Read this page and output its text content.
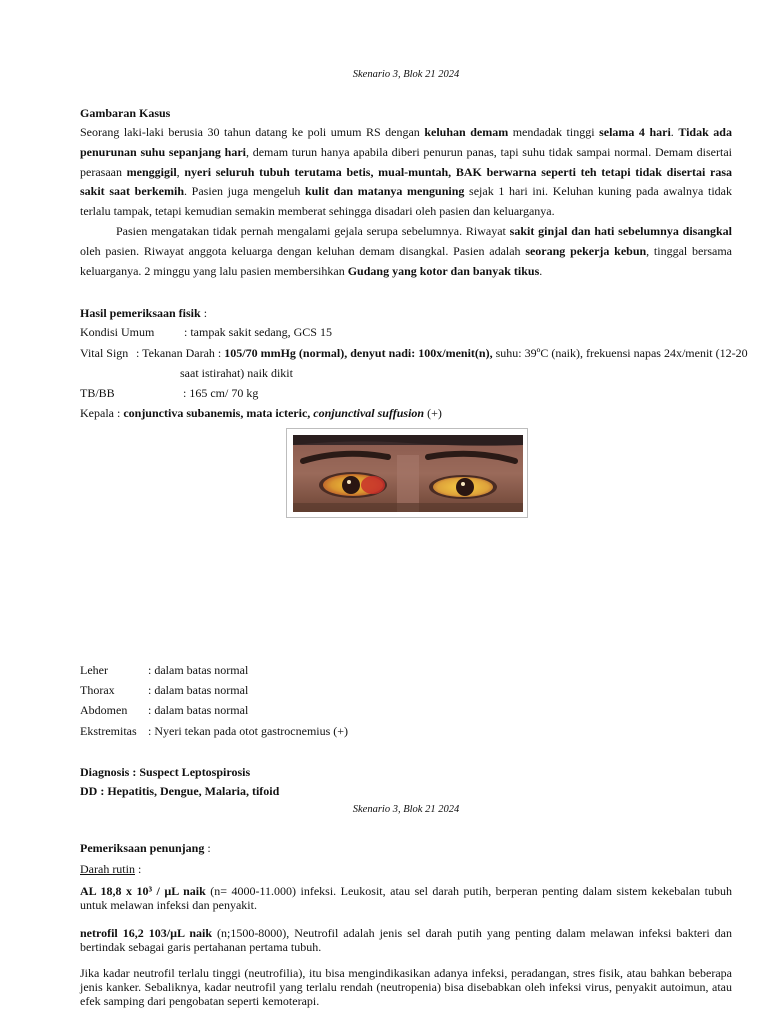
Skenario 3, Blok 21 2024
Gambaran Kasus
Seorang laki-laki berusia 30 tahun datang ke poli umum RS dengan keluhan demam mendadak tinggi selama 4 hari. Tidak ada penurunan suhu sepanjang hari, demam turun hanya apabila diberi penurun panas, tapi suhu tidak sampai normal. Demam disertai perasaan menggigil, nyeri seluruh tubuh terutama betis, mual-muntah, BAK berwarna seperti teh tetapi tidak disertai rasa sakit saat berkemih. Pasien juga mengeluh kulit dan matanya menguning sejak 1 hari ini. Keluhan kuning pada awalnya tidak terlalu tampak, tetapi kemudian semakin memberat sehingga disadari oleh pasien dan keluarganya.
Pasien mengatakan tidak pernah mengalami gejala serupa sebelumnya. Riwayat sakit ginjal dan hati sebelumnya disangkal oleh pasien. Riwayat anggota keluarga dengan keluhan demam disangkal. Pasien adalah seorang pekerja kebun, tinggal bersama keluarganya. 2 minggu yang lalu pasien membersihkan Gudang yang kotor dan banyak tikus.
Hasil pemeriksaan fisik :
Kondisi Umum : tampak sakit sedang, GCS 15
Vital Sign : Tekanan Darah : 105/70 mmHg (normal), denyut nadi: 100x/menit(n), suhu: 39ºC (naik), frekuensi napas 24x/menit (12-20
saat istirahat) naik dikit
TB/BB	: 165 cm/ 70 kg
Kepala : conjunctiva subanemis, mata icteric, conjunctival suffusion (+)
Leher	: dalam batas normal
Thorax	: dalam batas normal
Abdomen : dalam batas normal
Ekstremitas : Nyeri tekan pada otot gastrocnemius (+)
Diagnosis : Suspect Leptospirosis
DD : Hepatitis, Dengue, Malaria, tifoid
Skenario 3, Blok 21 2024
Pemeriksaan penunjang :
Darah rutin :
AL 18,8 x 10³ / µL naik (n= 4000-11.000) infeksi. Leukosit, atau sel darah putih, berperan penting dalam sistem kekebalan tubuh untuk melawan infeksi dan penyakit.
netrofil 16,2 103/µL naik (n;1500-8000), Neutrofil adalah jenis sel darah putih yang penting dalam melawan infeksi bakteri dan bertindak sebagai garis pertahanan pertama tubuh.
Jika kadar neutrofil terlalu tinggi (neutrofilia), itu bisa mengindikasikan adanya infeksi, peradangan, stres fisik, atau bahkan beberapa jenis kanker. Sebaliknya, kadar neutrofil yang terlalu rendah (neutropenia) bisa disebabkan oleh infeksi virus, penyakit autoimun, atau efek samping dari pengobatan seperti kemoterapi.
